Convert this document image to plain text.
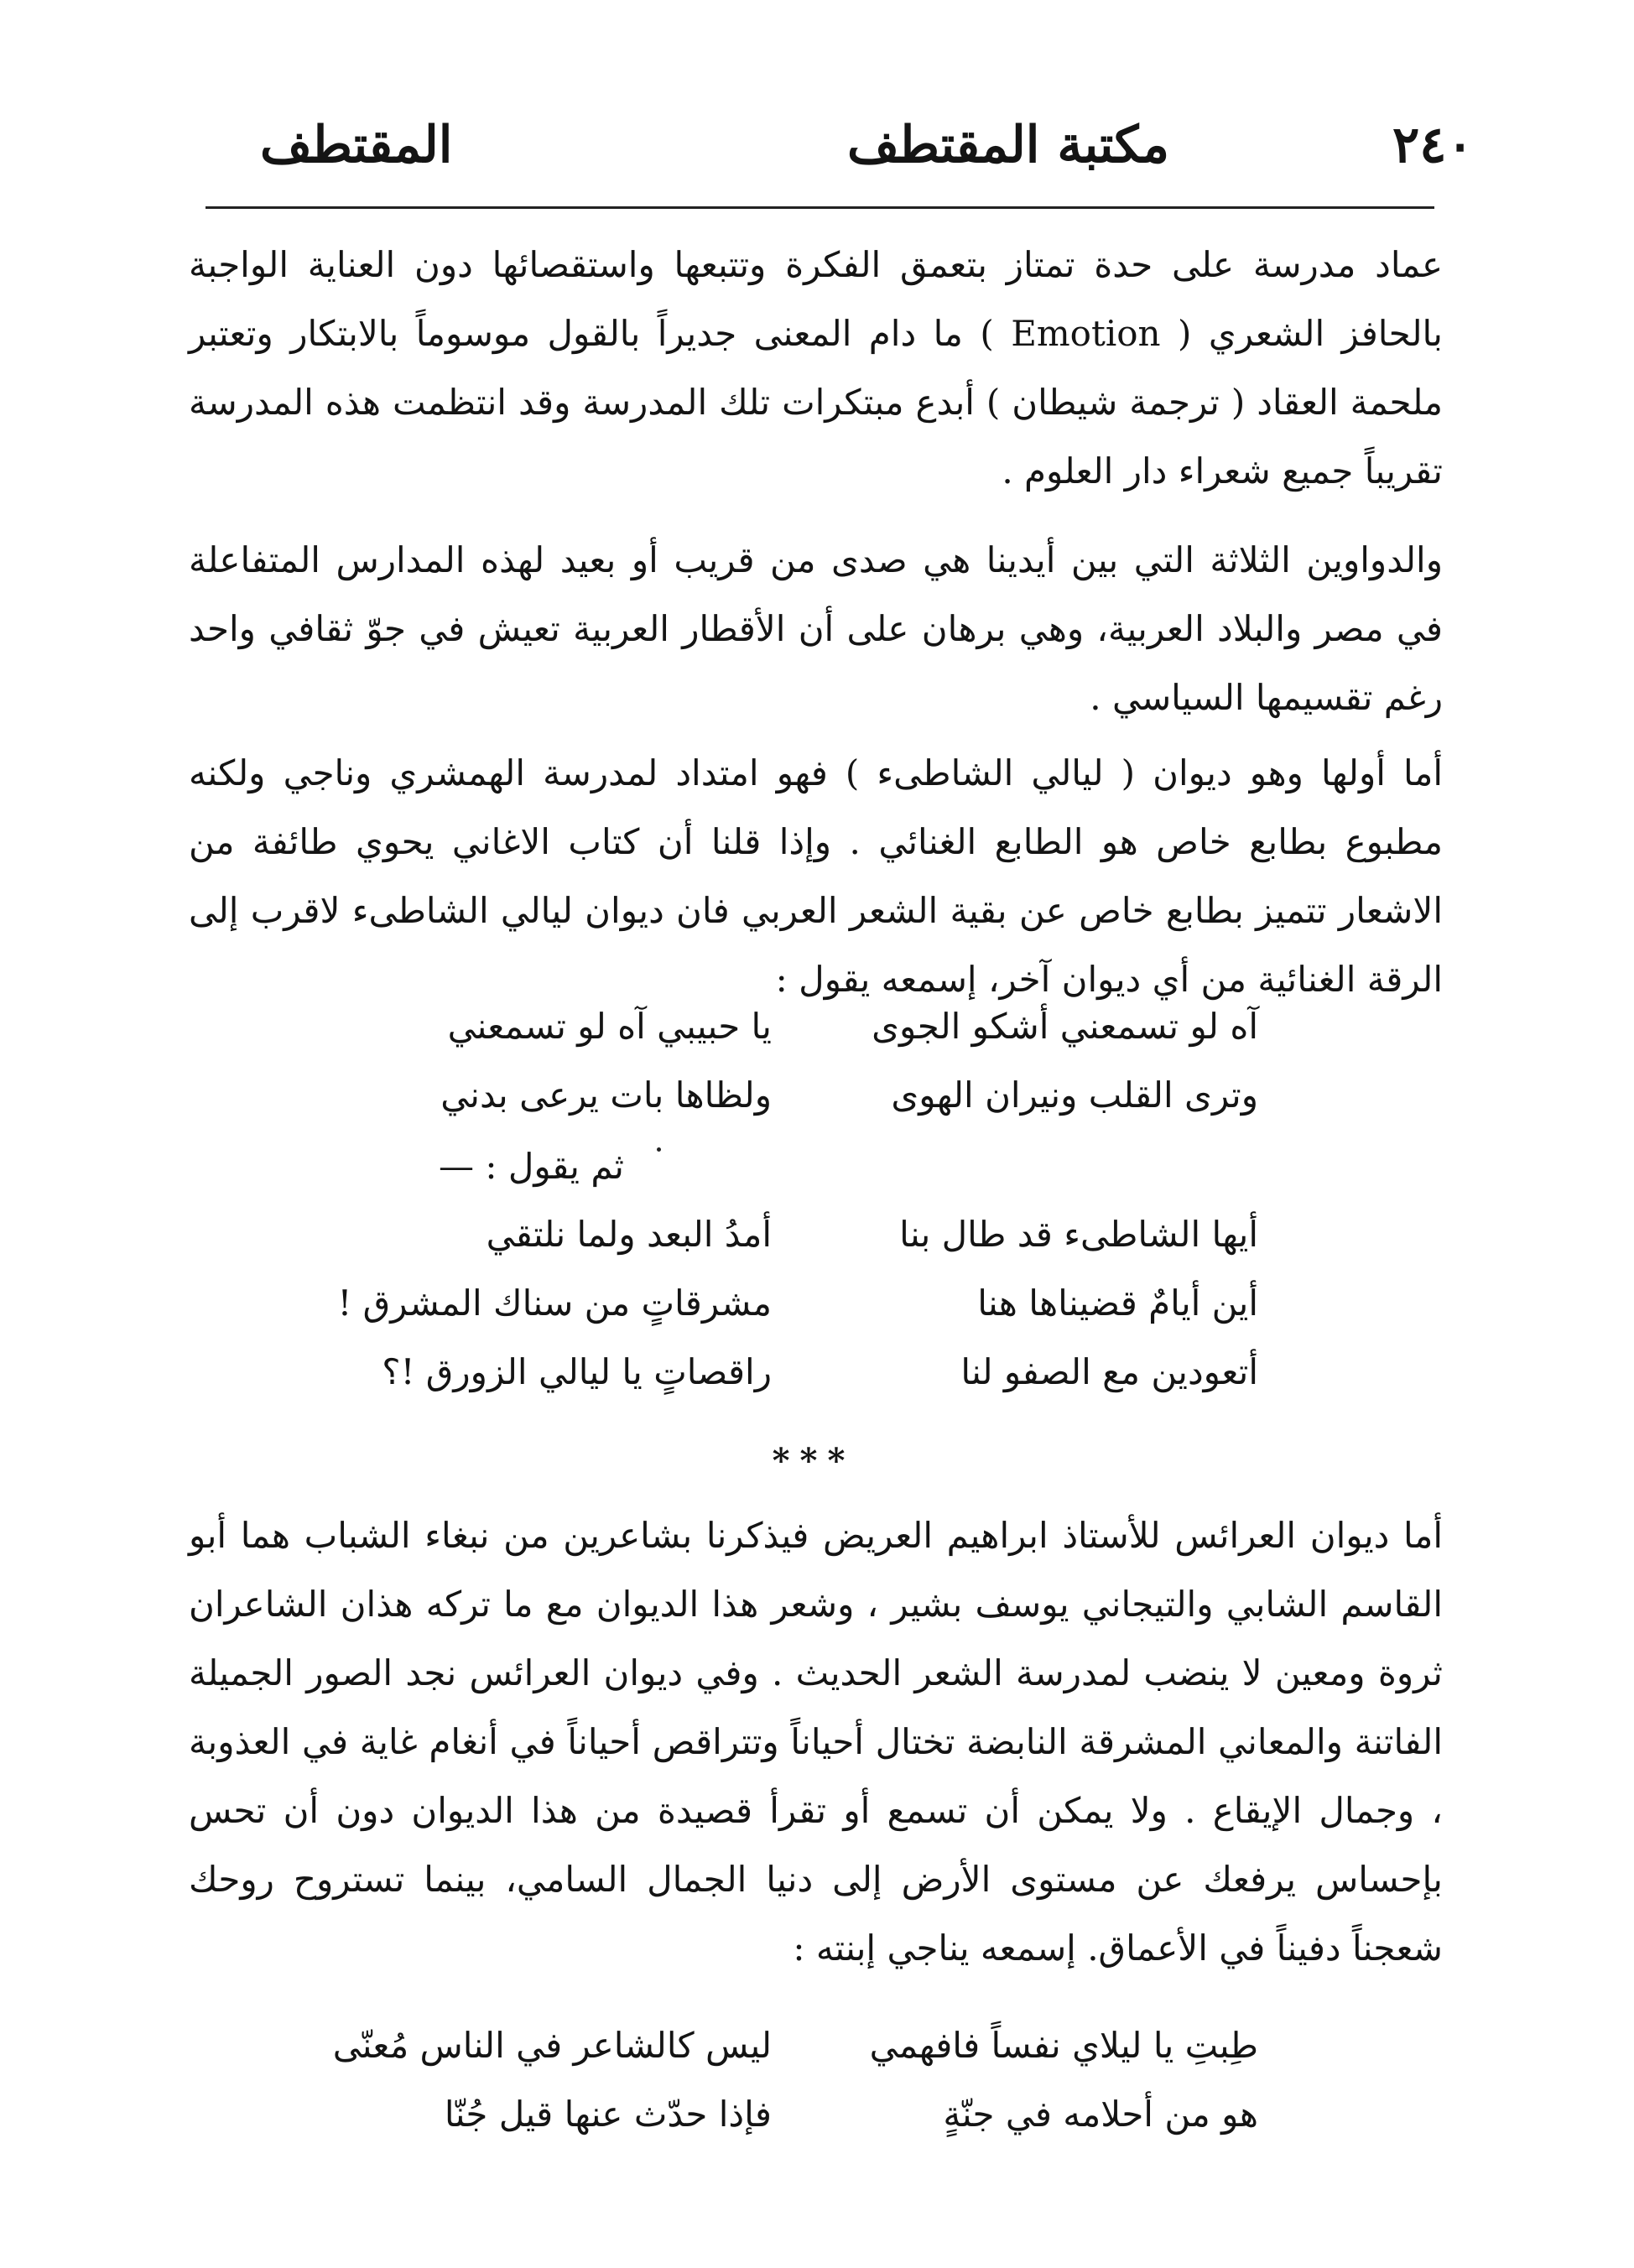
٢٤٠
مكتبة المقتطف
المقتطف

عماد مدرسة على حدة تمتاز بتعمق الفكرة وتتبعها واستقصائها دون العناية الواجبة بالحافز الشعري ( Emotion ) ما دام المعنى جديراً بالقول موسوماً بالابتكار وتعتبر ملحمة العقاد ( ترجمة شيطان ) أبدع مبتكرات تلك المدرسة وقد انتظمت هذه المدرسة تقريباً جميع شعراء دار العلوم .

والدواوين الثلاثة التي بين أيدينا هي صدى من قريب أو بعيد لهذه المدارس المتفاعلة في مصر والبلاد العربية، وهي برهان على أن الأقطار العربية تعيش في جوّ ثقافي واحد رغم تقسيمها السياسي .

أما أولها وهو ديوان ( ليالي الشاطىء ) فهو امتداد لمدرسة الهمشري وناجي ولكنه مطبوع بطابع خاص هو الطابع الغنائي . وإذا قلنا أن كتاب الاغاني يحوي طائفة من الاشعار تتميز بطابع خاص عن بقية الشعر العربي فان ديوان ليالي الشاطىء لاقرب إلى الرقة الغنائية من أي ديوان آخر، إسمعه يقول :

آه لو تسمعني أشكو الجوى
يا حبيبي آه لو تسمعني
وترى القلب ونيران الهوى
ولظاها بات يرعى بدني
ثم يقول : —
أيها الشاطىء قد طال بنا
أمدُ البعد ولما نلتقي
أين أيامٌ قضيناها هنا
مشرقاتٍ من سناك المشرق !
أتعودين مع الصفو لنا
راقصاتٍ يا ليالي الزورق !؟
***

أما ديوان العرائس للأستاذ ابراهيم العريض فيذكرنا بشاعرين من نبغاء الشباب هما أبو القاسم الشابي والتيجاني يوسف بشير ، وشعر هذا الديوان مع ما تركه هذان الشاعران ثروة ومعين لا ينضب لمدرسة الشعر الحديث . وفي ديوان العرائس نجد الصور الجميلة الفاتنة والمعاني المشرقة النابضة تختال أحياناً وتتراقص أحياناً في أنغام غاية في العذوبة ، وجمال الإيقاع . ولا يمكن أن تسمع أو تقرأ قصيدة من هذا الديوان دون أن تحس بإحساس يرفعك عن مستوى الأرض إلى دنيا الجمال السامي، بينما تستروح روحك شعجناً دفيناً في الأعماق. إسمعه يناجي إبنته :

طِبتِ يا ليلاي نفساً فافهمي
ليس كالشاعر في الناس مُعنّى
هو من أحلامه في جنّةٍ
فإذا حدّث عنها قيل جُنّا
